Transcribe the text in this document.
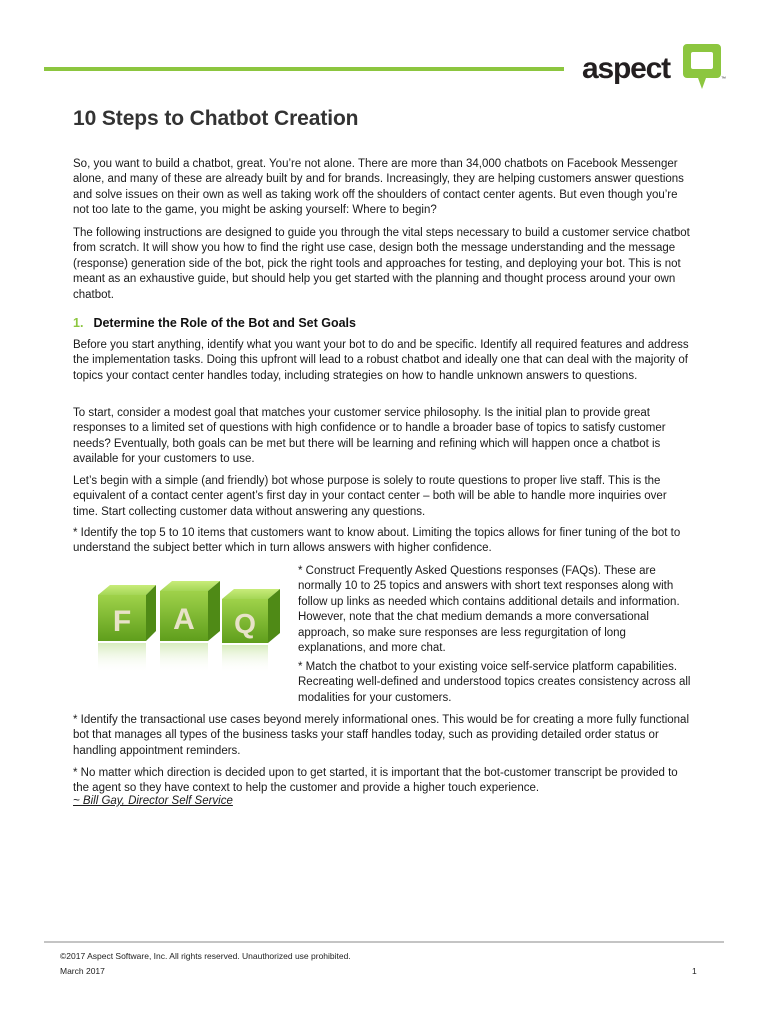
aspect	™
10 Steps to Chatbot Creation

So, you want to build a chatbot, great. You’re not alone. There are more than 34,000 chatbots on Facebook Messenger alone, and many of these are already built by and for brands. Increasingly, they are helping customers answer questions and solve issues on their own as well as taking work off the shoulders of contact center agents. But even though you’re not too late to the game, you might be asking yourself: Where to begin?

The following instructions are designed to guide you through the vital steps necessary to build a customer service chatbot from scratch. It will show you how to find the right use case, design both the message understanding and the message (response) generation side of the bot, pick the right tools and approaches for testing, and deploying your bot. This is not meant as an exhaustive guide, but should help you get started with the planning and thought process around your own chatbot.

1. Determine the Role of the Bot and Set Goals

Before you start anything, identify what you want your bot to do and be specific. Identify all required features and address the implementation tasks. Doing this upfront will lead to a robust chatbot and ideally one that can deal with the majority of topics your contact center handles today, including strategies on how to handle unknown answers to questions.

To start, consider a modest goal that matches your customer service philosophy. Is the initial plan to provide great responses to a limited set of questions with high confidence or to handle a broader base of topics to satisfy customer needs? Eventually, both goals can be met but there will be learning and refining which will happen once a chatbot is available for your customers to use.

Let’s begin with a simple (and friendly) bot whose purpose is solely to route questions to proper live staff. This is the equivalent of a contact center agent’s first day in your contact center – both will be able to handle more inquiries over time. Start collecting customer data without answering any questions.

* Identify the top 5 to 10 items that customers want to know about. Limiting the topics allows for finer tuning of the bot to understand the subject better which in turn allows answers with higher confidence.

F A Q

* Construct Frequently Asked Questions responses (FAQs). These are normally 10 to 25 topics and answers with short text responses along with follow up links as needed which contains additional details and information. However, note that the chat medium demands a more conversational approach, so make sure responses are less regurgitation of long explanations, and more chat.

* Match the chatbot to your existing voice self-service platform capabilities. Recreating well-defined and understood topics creates consistency across all modalities for your customers.

* Identify the transactional use cases beyond merely informational ones. This would be for creating a more fully functional bot that manages all types of the business tasks your staff handles today, such as providing detailed order status or handling appointment reminders.

* No matter which direction is decided upon to get started, it is important that the bot-customer transcript be provided to the agent so they have context to help the customer and provide a higher touch experience.

~ Bill Gay, Director Self Service
©2017 Aspect Software, Inc. All rights reserved. Unauthorized use prohibited.
March 2017	1
